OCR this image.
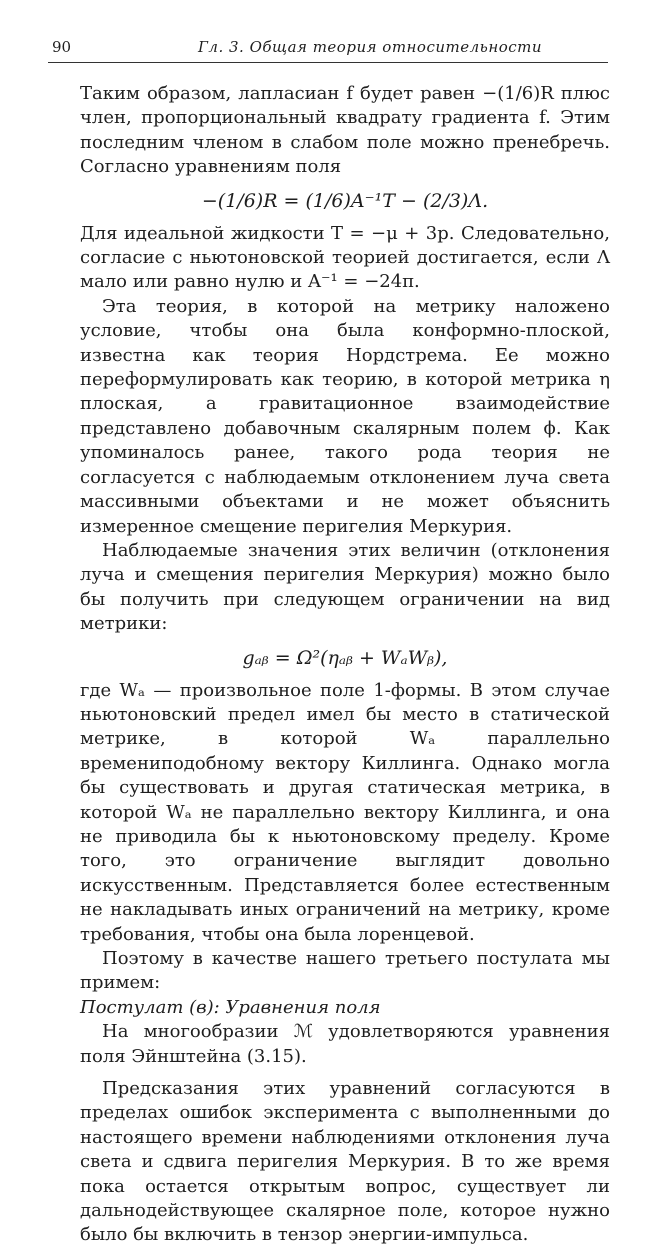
90	Гл. 3. Общая теория относительности

Таким образом, лапласиан f будет равен −(1/6)R плюс член, пропорциональный квадрату градиента f. Этим последним членом в слабом поле можно пренебречь. Согласно уравнениям поля

−(1/6)R = (1/6)A⁻¹T − (2/3)Λ.

Для идеальной жидкости T = −μ + 3p. Следовательно, согласие с ньютоновской теорией достигается, если Λ мало или равно нулю и A⁻¹ = −24π.

Эта теория, в которой на метрику наложено условие, чтобы она была конформно-плоской, известна как теория Нордстрема. Ее можно переформулировать как теорию, в которой метрика η плоская, а гравитационное взаимодействие представлено добавочным скалярным полем ϕ. Как упоминалось ранее, такого рода теория не согласуется с наблюдаемым отклонением луча света массивными объектами и не может объяснить измеренное смещение перигелия Меркурия.

Наблюдаемые значения этих величин (отклонения луча и смещения перигелия Меркурия) можно было бы получить при следующем ограничении на вид метрики:

gₐᵦ = Ω²(ηₐᵦ + WₐWᵦ),

где Wₐ — произвольное поле 1-формы. В этом случае ньютоновский предел имел бы место в статической метрике, в которой Wₐ параллельно времениподобному вектору Киллинга. Однако могла бы существовать и другая статическая метрика, в которой Wₐ не параллельно вектору Киллинга, и она не приводила бы к ньютоновскому пределу. Кроме того, это ограничение выглядит довольно искусственным. Представляется более естественным не накладывать иных ограничений на метрику, кроме требования, чтобы она была лоренцевой.

Поэтому в качестве нашего третьего постулата мы примем:

Постулат (в): Уравнения поля

На многообразии ℳ удовлетворяются уравнения поля Эйнштейна (3.15).

Предсказания этих уравнений согласуются в пределах ошибок эксперимента с выполненными до настоящего времени наблюдениями отклонения луча света и сдвига перигелия Меркурия. В то же время пока остается открытым вопрос, существует ли дальнодействующее скалярное поле, которое нужно было бы включить в тензор энергии-импульса.
